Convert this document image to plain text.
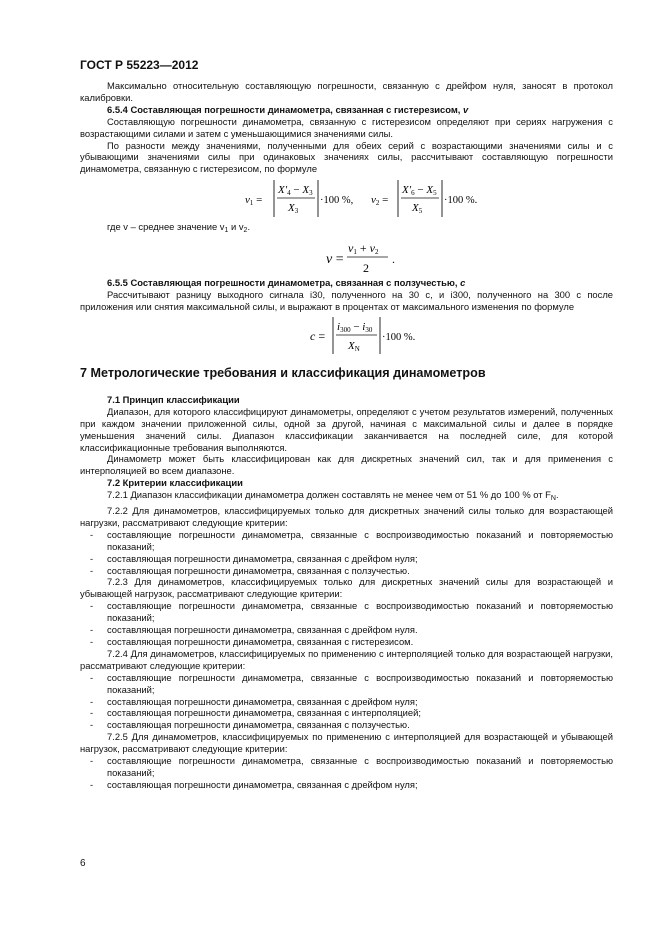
ГОСТ Р 55223—2012

Максимально относительную составляющую погрешности, связанную с дрейфом нуля, заносят в протокол калибровки.

6.5.4 Составляющая погрешности динамометра, связанная с гистерезисом, v

Составляющую погрешности динамометра, связанную с гистерезисом определяют при сериях нагружения с возрастающими силами и затем с уменьшающимися значениями силы.

По разности между значениями, полученными для обеих серий с возрастающими значениями силы и с убывающими значениями силы при одинаковых значениях силы, рассчитывают составляющую погрешности динамометра, связанную с гистерезисом, по формуле

v1 =
X′4 − X3
X3
·100 %, v2 =
X′6 − X5
X5
·100 %.

где v – среднее значение $v_1$ и $v_2$.

v =
v1 + v2
2
.

6.5.5 Составляющая погрешности динамометра, связанная с ползучестью, c

Рассчитывают разницу выходного сигнала i30, полученного на 30 с, и i300, полученного на 300 с после приложения или снятия максимальной силы, и выражают в процентах от максимального изменения по формуле

c =
i300 − i30
XN
·100 %.

7 Метрологические требования и классификация динамометров

7.1 Принцип классификации

Диапазон, для которого классифицируют динамометры, определяют с учетом результатов измерений, полученных при каждом значении приложенной силы, одной за другой, начиная с максимальной силы и далее в порядке уменьшения значений силы. Диапазон классификации заканчивается на последней силе, для которой классификационные требования выполняются.

Динамометр может быть классифицирован как для дискретных значений сил, так и для применения с интерполяцией во всем диапазоне.

7.2 Критерии классификации

7.2.1 Диапазон классификации динамометра должен составлять не менее чем от 51 % до 100 % от $F_N$.

7.2.2 Для динамометров, классифицируемых только для дискретных значений силы только для возрастающей нагрузки, рассматривают следующие критерии:

-	составляющие погрешности динамометра, связанные с воспроизводимостью показаний и повторяемостью показаний;
-	составляющая погрешности динамометра, связанная с дрейфом нуля;
-	составляющая погрешности динамометра, связанная с ползучестью.

7.2.3 Для динамометров, классифицируемых только для дискретных значений силы для возрастающей и убывающей нагрузок, рассматривают следующие критерии:

-	составляющие погрешности динамометра, связанные с воспроизводимостью показаний и повторяемостью показаний;
-	составляющая погрешности динамометра, связанная с дрейфом нуля.
-	составляющая погрешности динамометра, связанная с гистерезисом.

7.2.4 Для динамометров, классифицируемых по применению с интерполяцией только для возрастающей нагрузки, рассматривают следующие критерии:

-	составляющие погрешности динамометра, связанные с воспроизводимостью показаний и повторяемостью показаний;
-	составляющая погрешности динамометра, связанная с дрейфом нуля;
-	составляющая погрешности динамометра, связанная с интерполяцией;
-	составляющая погрешности динамометра, связанная с ползучестью.

7.2.5 Для динамометров, классифицируемых по применению с интерполяцией для возрастающей и убывающей нагрузок, рассматривают следующие критерии:

-	составляющие погрешности динамометра, связанные с воспроизводимостью показаний и повторяемостью показаний;
-	составляющая погрешности динамометра, связанная с дрейфом нуля;
6
